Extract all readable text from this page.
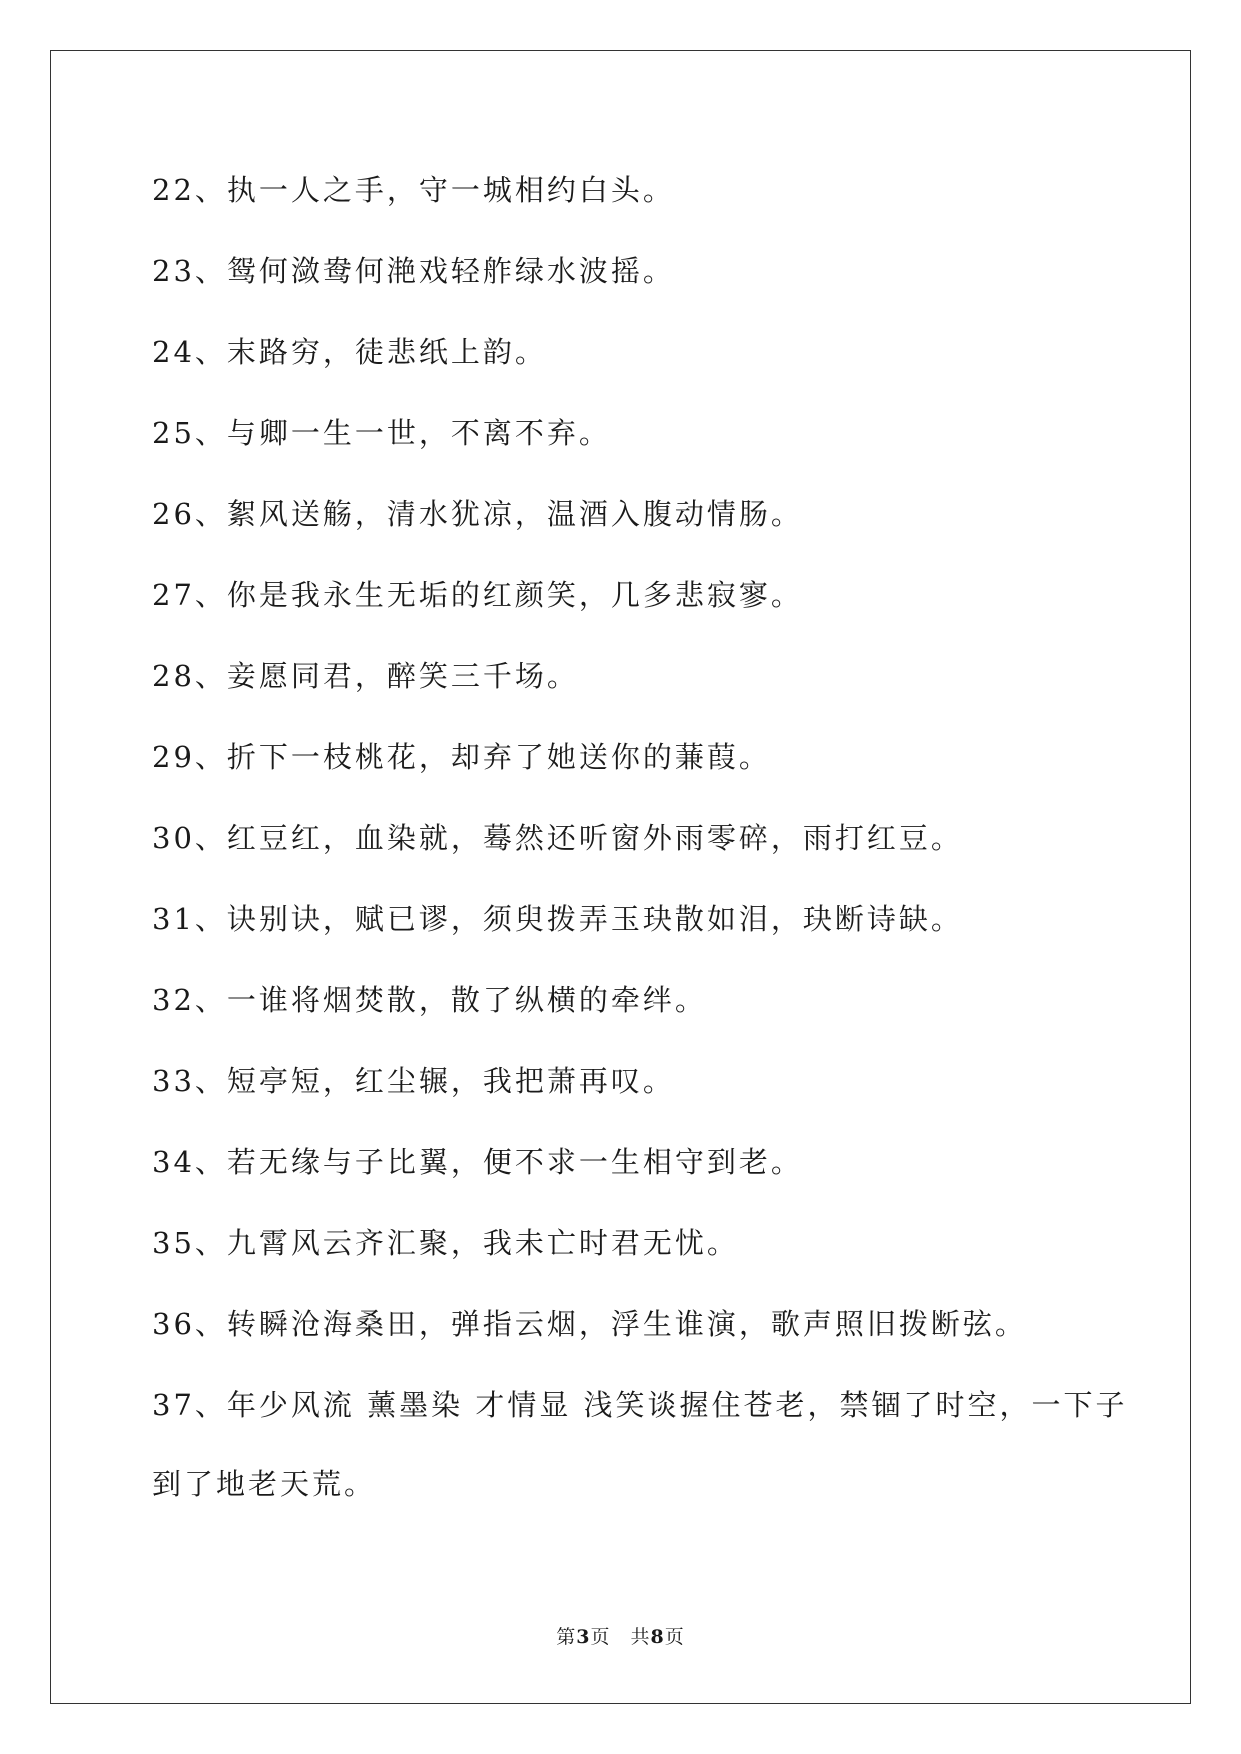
22、执一人之手，守一城相约白头。
23、鸳何潋鸯何滟戏轻舴绿水波摇。
24、末路穷，徒悲纸上韵。
25、与卿一生一世，不离不弃。
26、絮风送觞，清水犹凉，温酒入腹动情肠。
27、你是我永生无垢的红颜笑，几多悲寂寥。
28、妾愿同君，醉笑三千场。
29、折下一枝桃花，却弃了她送你的蒹葭。
30、红豆红，血染就，蓦然还听窗外雨零碎，雨打红豆。
31、诀别诀，赋已谬，须臾拨弄玉玦散如泪，玦断诗缺。
32、一谁将烟焚散，散了纵横的牵绊。
33、短亭短，红尘辗，我把萧再叹。
34、若无缘与子比翼，便不求一生相守到老。
35、九霄风云齐汇聚，我未亡时君无忧。
36、转瞬沧海桑田，弹指云烟，浮生谁演，歌声照旧拨断弦。
37、年少风流 薰墨染 才情显 浅笑谈握住苍老，禁锢了时空，一下子
到了地老天荒。
第3页　共8页
